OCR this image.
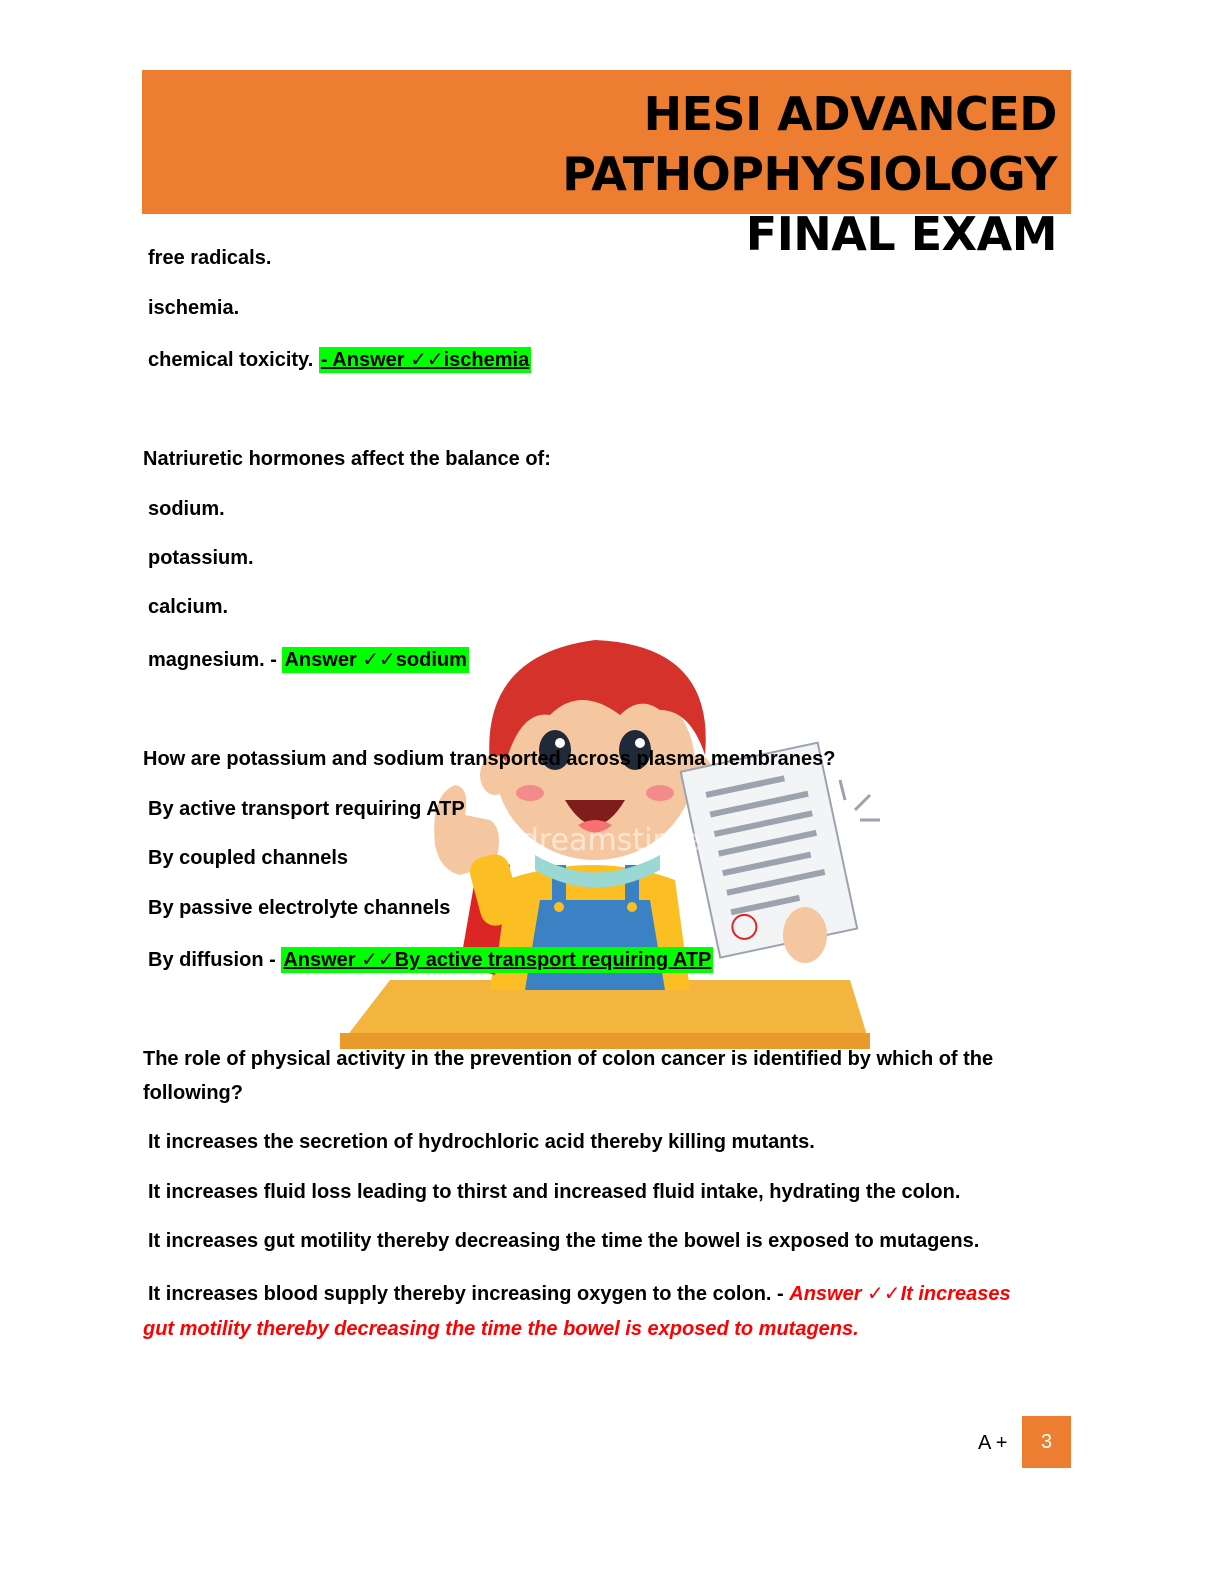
HESI ADVANCED PATHOPHYSIOLOGY
FINAL EXAM
dreamstime
free radicals.
ischemia.
chemical toxicity. - Answer ✓✓ischemia
Natriuretic hormones affect the balance of:
sodium.
potassium.
calcium.
magnesium. - Answer ✓✓sodium
How are potassium and sodium transported across plasma membranes?
By active transport requiring ATP
By coupled channels
By passive electrolyte channels
By diffusion - Answer ✓✓By active transport requiring ATP
The role of physical activity in the prevention of colon cancer is identified by which of the
following?
It increases the secretion of hydrochloric acid thereby killing mutants.
It increases fluid loss leading to thirst and increased fluid intake, hydrating the colon.
It increases gut motility thereby decreasing the time the bowel is exposed to mutagens.
It increases blood supply thereby increasing oxygen to the colon. - Answer ✓✓It increases
gut motility thereby decreasing the time the bowel is exposed to mutagens.
A +	3
